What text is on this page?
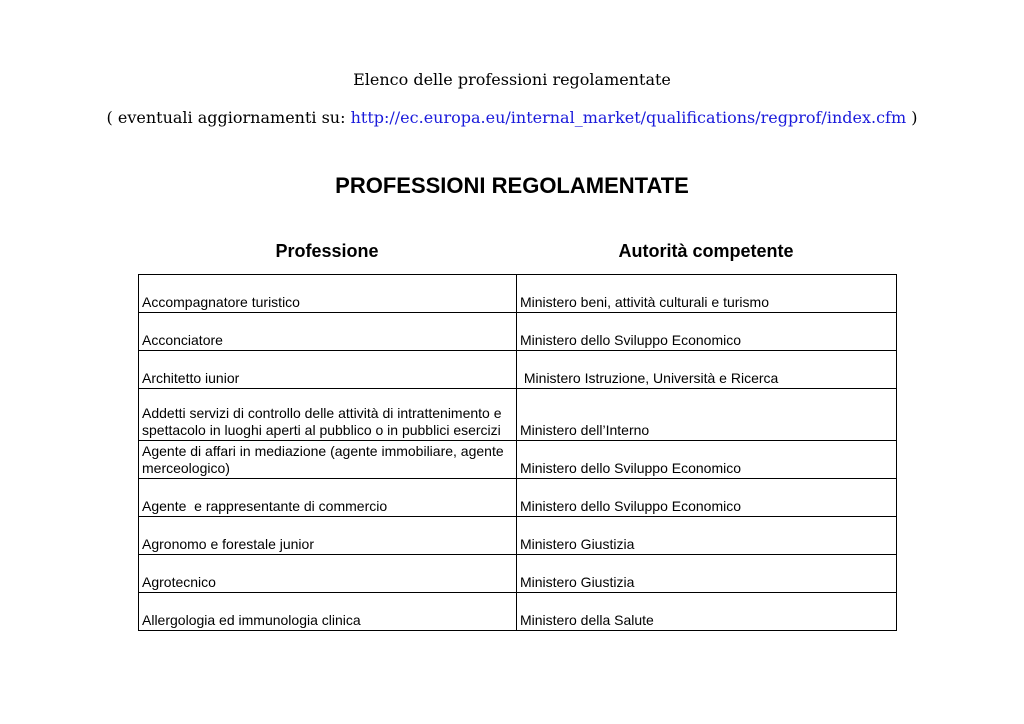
Elenco delle professioni regolamentate
( eventuali aggiornamenti su: http://ec.europa.eu/internal_market/qualifications/regprof/index.cfm )
PROFESSIONI REGOLAMENTATE
Professione	Autorità competente
Accompagnatore turistico	Ministero beni, attività culturali e turismo
Acconciatore	Ministero dello Sviluppo Economico
Architetto iunior	Ministero Istruzione, Università e Ricerca
Addetti servizi di controllo delle attività di intrattenimento e spettacolo in luoghi aperti al pubblico o in pubblici esercizi	Ministero dell’Interno
Agente di affari in mediazione (agente immobiliare, agente merceologico)	Ministero dello Sviluppo Economico
Agente  e rappresentante di commercio	Ministero dello Sviluppo Economico
Agronomo e forestale junior	Ministero Giustizia
Agrotecnico	Ministero Giustizia
Allergologia ed immunologia clinica	Ministero della Salute
